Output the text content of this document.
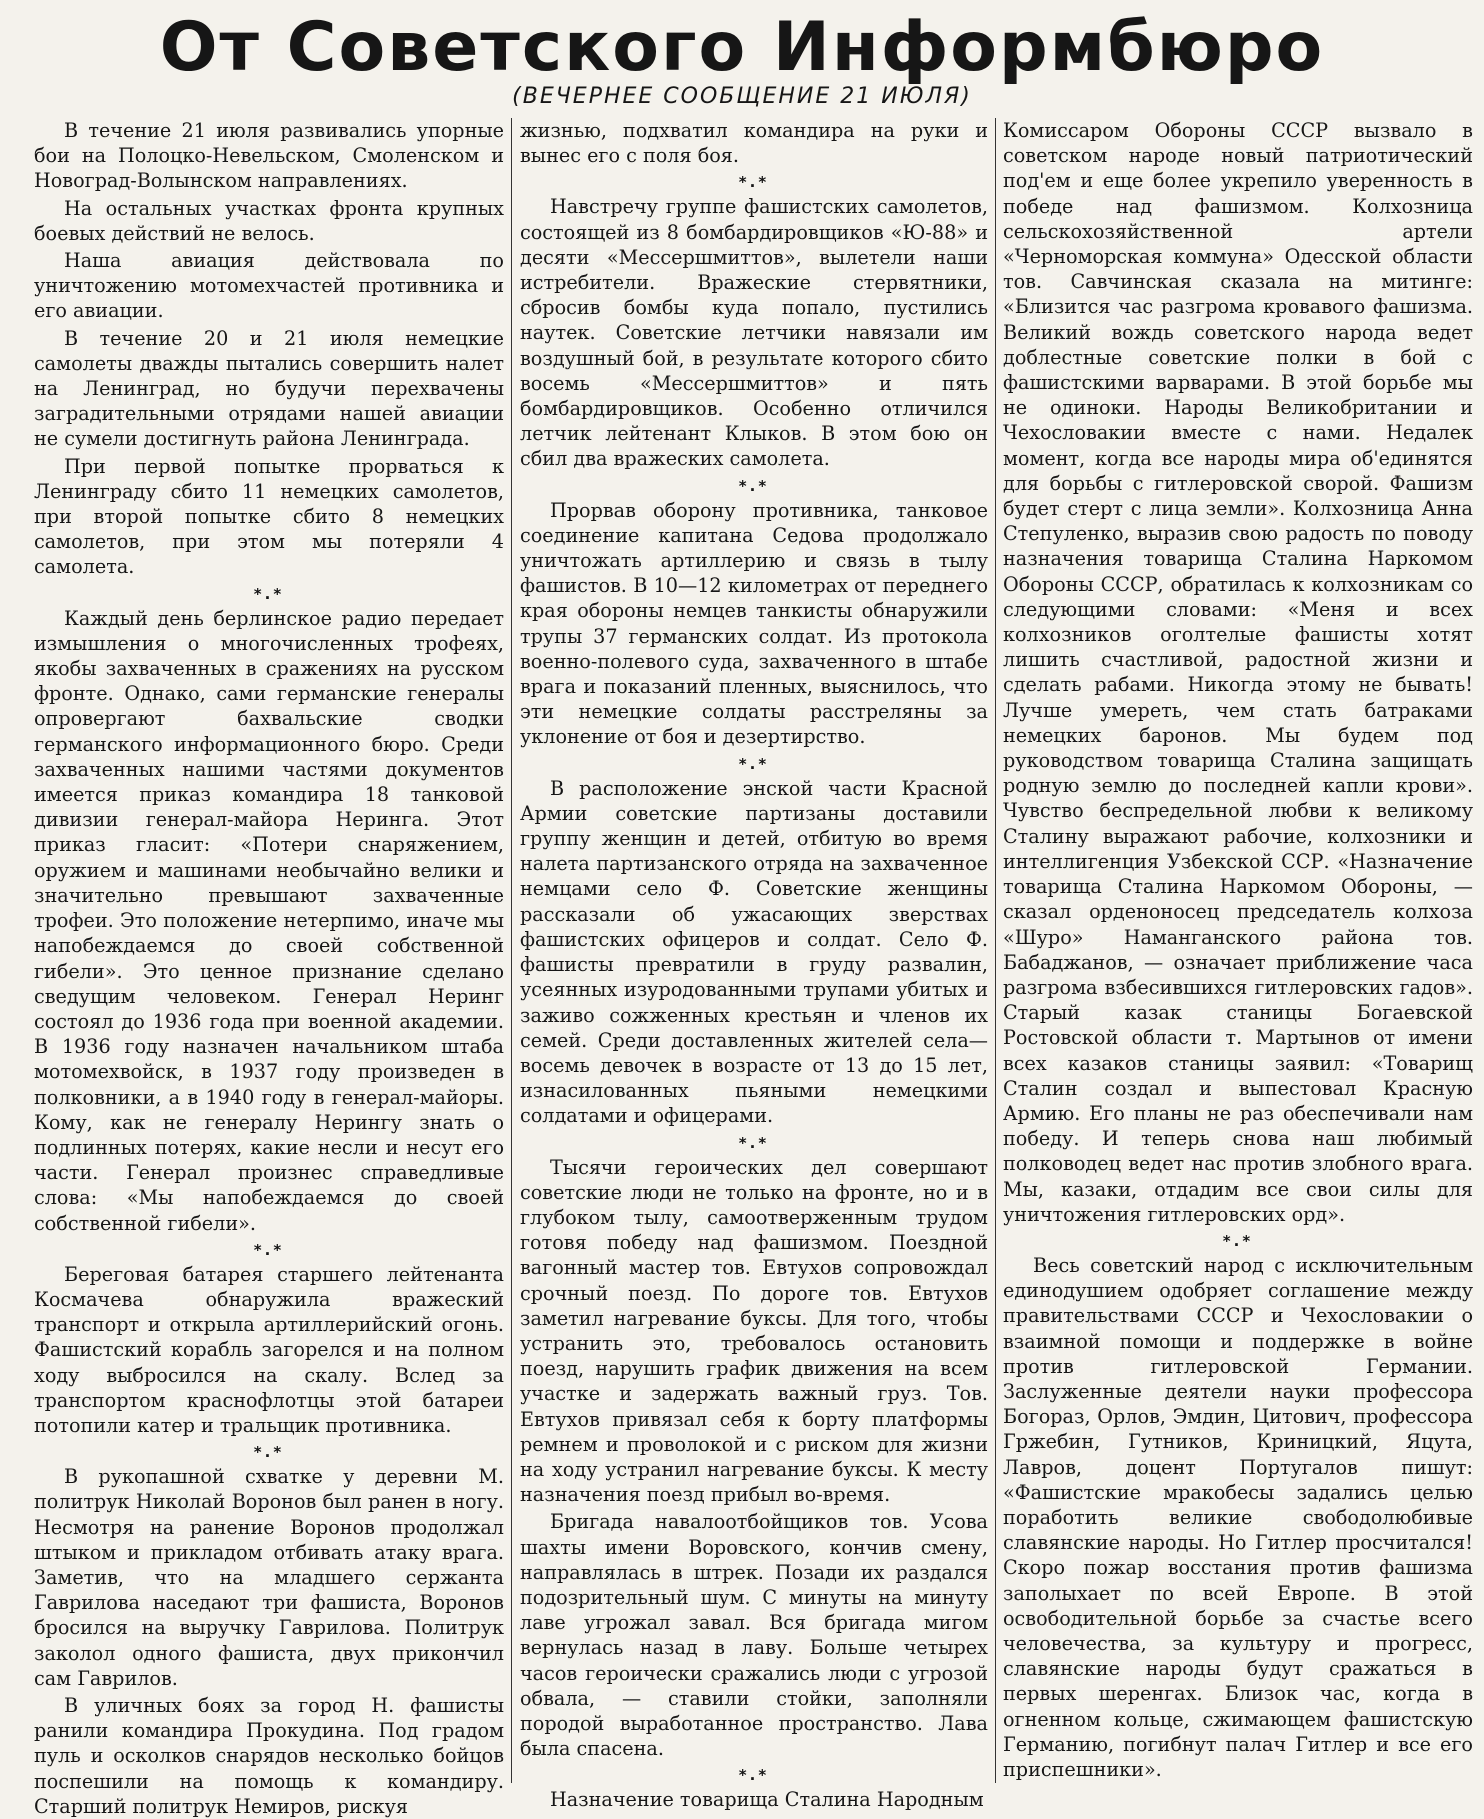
От Советского Информбюро
(ВЕЧЕРНЕЕ СООБЩЕНИЕ 21 ИЮЛЯ)

В течение 21 июля развивались упорные бои на Полоцко-Невельском, Смоленском и Новоград-Волынском направлениях.

На остальных участках фронта крупных боевых действий не велось.

Наша авиация действовала по уничтожению мотомехчастей противника и его авиации.

В течение 20 и 21 июля немецкие самолеты дважды пытались совершить налет на Ленинград, но будучи перехвачены заградительными отрядами нашей авиации не сумели достигнуть района Ленинграда.

При первой попытке прорваться к Ленинграду сбито 11 немецких самолетов, при второй попытке сбито 8 немецких самолетов, при этом мы потеряли 4 самолета.

*.*

Каждый день берлинское радио передает измышления о многочисленных трофеях, якобы захваченных в сражениях на русском фронте. Однако, сами германские генералы опровергают бахвальские сводки германского информационного бюро. Среди захваченных нашими частями документов имеется приказ командира 18 танковой дивизии генерал-майора Неринга. Этот приказ гласит: «Потери снаряжением, оружием и машинами необычайно велики и значительно превышают захваченные трофеи. Это положение нетерпимо, иначе мы напобеждаемся до своей собственной гибели». Это ценное признание сделано сведущим человеком. Генерал Неринг состоял до 1936 года при военной академии. В 1936 году назначен начальником штаба мотомехвойск, в 1937 году произведен в полковники, а в 1940 году в генерал-майоры. Кому, как не генералу Нерингу знать о подлинных потерях, какие несли и несут его части. Генерал произнес справедливые слова: «Мы напобеждаемся до своей собственной гибели».

*.*

Береговая батарея старшего лейтенанта Космачева обнаружила вражеский транспорт и открыла артиллерийский огонь. Фашистский корабль загорелся и на полном ходу выбросился на скалу. Вслед за транспортом краснофлотцы этой батареи потопили катер и тральщик противника.

*.*

В рукопашной схватке у деревни М. политрук Николай Воронов был ранен в ногу. Несмотря на ранение Воронов продолжал штыком и прикладом отбивать атаку врага. Заметив, что на младшего сержанта Гаврилова наседают три фашиста, Воронов бросился на выручку Гаврилова. Политрук заколол одного фашиста, двух прикончил сам Гаврилов.

В уличных боях за город Н. фашисты ранили командира Прокудина. Под градом пуль и осколков снарядов несколько бойцов поспешили на помощь к командиру. Старший политрук Немиров, рискуя

жизнью, подхватил командира на руки и вынес его с поля боя.

*.*

Навстречу группе фашистских самолетов, состоящей из 8 бомбардировщиков «Ю-88» и десяти «Мессершмиттов», вылетели наши истребители. Вражеские стервятники, сбросив бомбы куда попало, пустились наутек. Советские летчики навязали им воздушный бой, в результате которого сбито восемь «Мессершмиттов» и пять бомбардировщиков. Особенно отличился летчик лейтенант Клыков. В этом бою он сбил два вражеских самолета.

*.*

Прорвав оборону противника, танковое соединение капитана Седова продолжало уничтожать артиллерию и связь в тылу фашистов. В 10—12 километрах от переднего края обороны немцев танкисты обнаружили трупы 37 германских солдат. Из протокола военно-полевого суда, захваченного в штабе врага и показаний пленных, выяснилось, что эти немецкие солдаты расстреляны за уклонение от боя и дезертирство.

*.*

В расположение энской части Красной Армии советские партизаны доставили группу женщин и детей, отбитую во время налета партизанского отряда на захваченное немцами село Ф. Советские женщины рассказали об ужасающих зверствах фашистских офицеров и солдат. Село Ф. фашисты превратили в груду развалин, усеянных изуродованными трупами убитых и заживо сожженных крестьян и членов их семей. Среди доставленных жителей села—восемь девочек в возрасте от 13 до 15 лет, изнасилованных пьяными немецкими солдатами и офицерами.

*.*

Тысячи героических дел совершают советские люди не только на фронте, но и в глубоком тылу, самоотверженным трудом готовя победу над фашизмом. Поездной вагонный мастер тов. Евтухов сопровождал срочный поезд. По дороге тов. Евтухов заметил нагревание буксы. Для того, чтобы устранить это, требовалось остановить поезд, нарушить график движения на всем участке и задержать важный груз. Тов. Евтухов привязал себя к борту платформы ремнем и проволокой и с риском для жизни на ходу устранил нагревание буксы. К месту назначения поезд прибыл во-время.

Бригада навалоотбойщиков тов. Усова шахты имени Воровского, кончив смену, направлялась в штрек. Позади их раздался подозрительный шум. С минуты на минуту лаве угрожал завал. Вся бригада мигом вернулась назад в лаву. Больше четырех часов героически сражались люди с угрозой обвала, — ставили стойки, заполняли породой выработанное пространство. Лава была спасена.

*.*

Назначение товарища Сталина Народным

Комиссаром Обороны СССР вызвало в советском народе новый патриотический под'ем и еще более укрепило уверенность в победе над фашизмом. Колхозница сельскохозяйственной артели «Черноморская коммуна» Одесской области тов. Савчинская сказала на митинге: «Близится час разгрома кровавого фашизма. Великий вождь советского народа ведет доблестные советские полки в бой с фашистскими варварами. В этой борьбе мы не одиноки. Народы Великобритании и Чехословакии вместе с нами. Недалек момент, когда все народы мира об'единятся для борьбы с гитлеровской сворой. Фашизм будет стерт с лица земли». Колхозница Анна Степуленко, выразив свою радость по поводу назначения товарища Сталина Наркомом Обороны СССР, обратилась к колхозникам со следующими словами: «Меня и всех колхозников оголтелые фашисты хотят лишить счастливой, радостной жизни и сделать рабами. Никогда этому не бывать! Лучше умереть, чем стать батраками немецких баронов. Мы будем под руководством товарища Сталина защищать родную землю до последней капли крови». Чувство беспредельной любви к великому Сталину выражают рабочие, колхозники и интеллигенция Узбекской ССР. «Назначение товарища Сталина Наркомом Обороны, — сказал орденоносец председатель колхоза «Шуро» Наманганского района тов. Бабаджанов, — означает приближение часа разгрома взбесившихся гитлеровских гадов». Старый казак станицы Богаевской Ростовской области т. Мартынов от имени всех казаков станицы заявил: «Товарищ Сталин создал и выпестовал Красную Армию. Его планы не раз обеспечивали нам победу. И теперь снова наш любимый полководец ведет нас против злобного врага. Мы, казаки, отдадим все свои силы для уничтожения гитлеровских орд».

*.*

Весь советский народ с исключительным единодушием одобряет соглашение между правительствами СССР и Чехословакии о взаимной помощи и поддержке в войне против гитлеровской Германии. Заслуженные деятели науки профессора Богораз, Орлов, Эмдин, Цитович, профессора Гржебин, Гутников, Криницкий, Яцута, Лавров, доцент Португалов пишут: «Фашистские мракобесы задались целью поработить великие свободолюбивые славянские народы. Но Гитлер просчитался! Скоро пожар восстания против фашизма заполыхает по всей Европе. В этой освободительной борьбе за счастье всего человечества, за культуру и прогресс, славянские народы будут сражаться в первых шеренгах. Близок час, когда в огненном кольце, сжимающем фашистскую Германию, погибнут палач Гитлер и все его приспешники».
